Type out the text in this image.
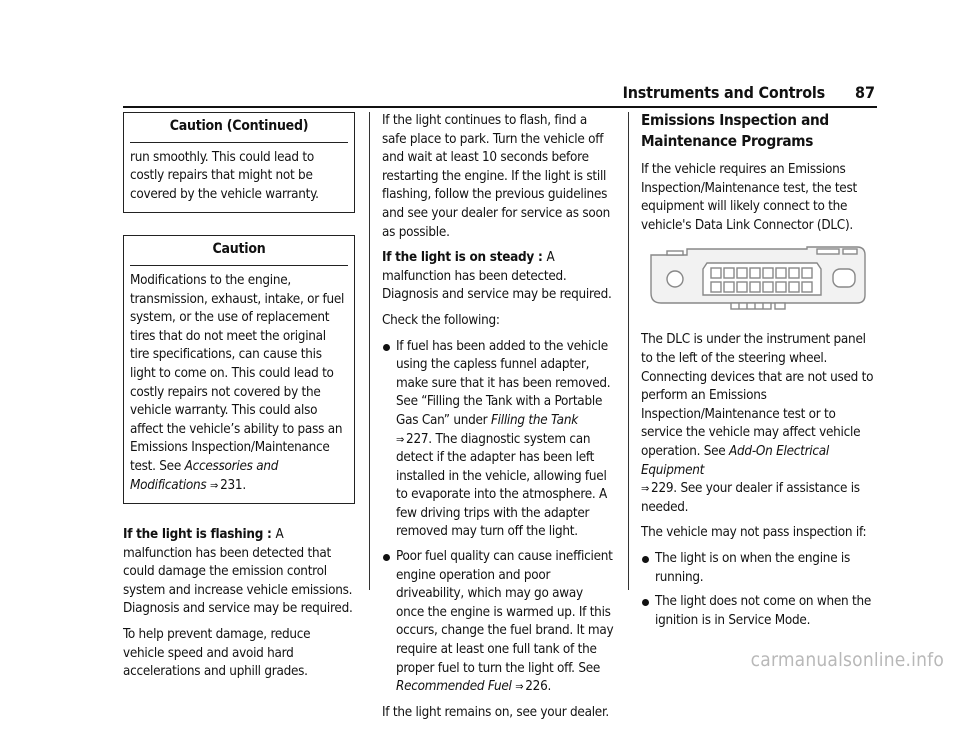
Instruments and Controls 87
Caution (Continued)

run smoothly. This could lead to costly repairs that might not be covered by the vehicle warranty.

Caution

Modifications to the engine, transmission, exhaust, intake, or fuel system, or the use of replacement tires that do not meet the original tire specifications, can cause this light to come on. This could lead to costly repairs not covered by the vehicle warranty. This could also affect the vehicle’s ability to pass an Emissions Inspection/Maintenance test. See Accessories and Modifications ⇒ 231.

If the light is flashing : A malfunction has been detected that could damage the emission control system and increase vehicle emissions. Diagnosis and service may be required.

To help prevent damage, reduce vehicle speed and avoid hard accelerations and uphill grades.

If the light continues to flash, find a safe place to park. Turn the vehicle off and wait at least 10 seconds before restarting the engine. If the light is still flashing, follow the previous guidelines and see your dealer for service as soon as possible.

If the light is on steady : A malfunction has been detected. Diagnosis and service may be required.

Check the following:

If fuel has been added to the vehicle using the capless funnel adapter, make sure that it has been removed. See “Filling the Tank with a Portable Gas Can” under Filling the Tank ⇒ 227. The diagnostic system can detect if the adapter has been left installed in the vehicle, allowing fuel to evaporate into the atmosphere. A few driving trips with the adapter removed may turn off the light.
Poor fuel quality can cause inefficient engine operation and poor driveability, which may go away once the engine is warmed up. If this occurs, change the fuel brand. It may require at least one full tank of the proper fuel to turn the light off. See Recommended Fuel ⇒ 226.

If the light remains on, see your dealer.

Emissions Inspection and Maintenance Programs

If the vehicle requires an Emissions Inspection/Maintenance test, the test equipment will likely connect to the vehicle's Data Link Connector (DLC).

The DLC is under the instrument panel to the left of the steering wheel. Connecting devices that are not used to perform an Emissions Inspection/Maintenance test or to service the vehicle may affect vehicle operation. See Add-On Electrical Equipment
⇒ 229. See your dealer if assistance is needed.

The vehicle may not pass inspection if:

The light is on when the engine is running.
The light does not come on when the ignition is in Service Mode.
carmanualsonline.info
